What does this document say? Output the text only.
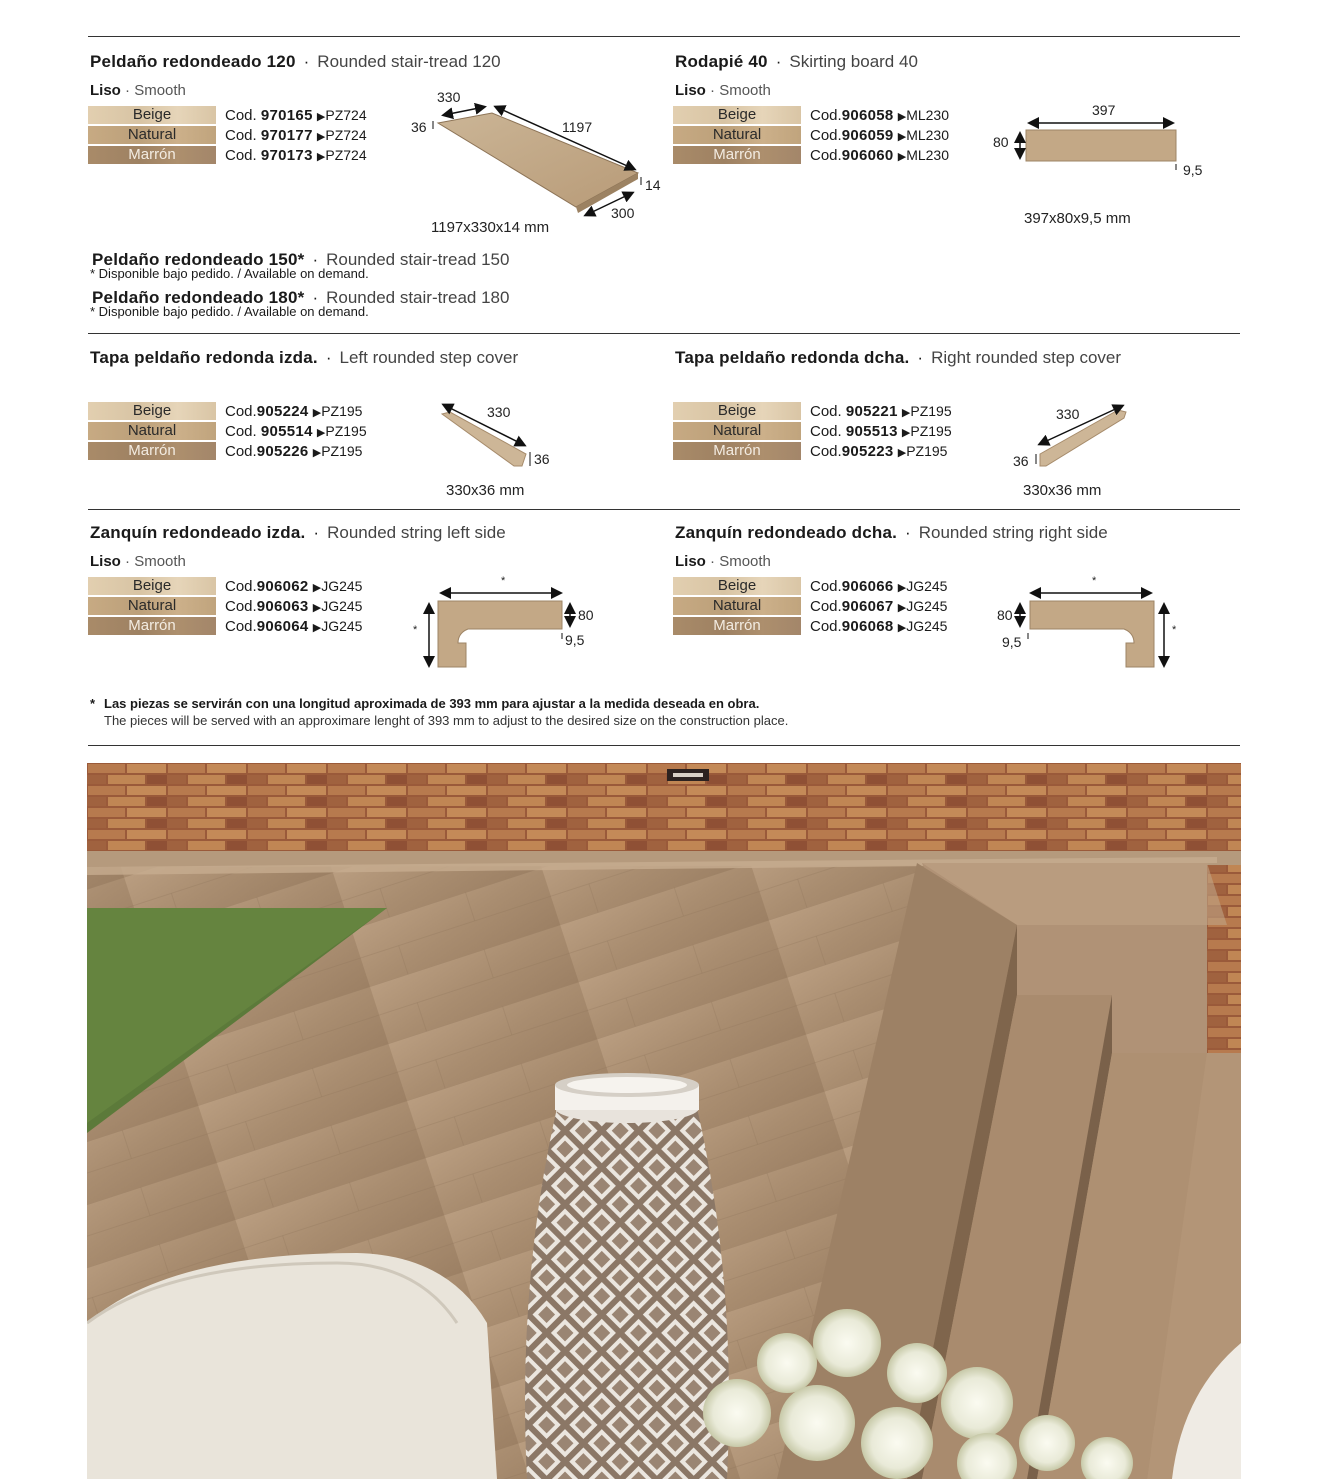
Peldaño redondeado 120 · Rounded stair-tread 120
Liso · Smooth
Beige
Natural
Marrón
Cod. 970165 ▶PZ724
Cod. 970177 ▶PZ724
Cod. 970173 ▶PZ724
330
36	1197
14
300
1197x330x14 mm
Peldaño redondeado 150* · Rounded stair-tread 150
* Disponible bajo pedido. / Available on demand.
Peldaño redondeado 180* · Rounded stair-tread 180
* Disponible bajo pedido. / Available on demand.
Rodapié 40 · Skirting board 40
Liso · Smooth
Beige
Natural
Marrón
Cod.906058 ▶ML230
Cod.906059 ▶ML230
Cod.906060 ▶ML230
397
80
9,5
397x80x9,5 mm
Tapa peldaño redonda izda. · Left rounded step cover
Beige
Natural
Marrón
Cod.905224 ▶PZ195
Cod. 905514 ▶PZ195
Cod.905226 ▶PZ195
330
36
330x36 mm
Tapa peldaño redonda dcha. · Right rounded step cover
Beige
Natural
Marrón
Cod. 905221 ▶PZ195
Cod. 905513 ▶PZ195
Cod.905223 ▶PZ195
330
36
330x36 mm
Zanquín redondeado izda. · Rounded string left side
Liso · Smooth
Beige
Natural
Marrón
Cod.906062 ▶JG245
Cod.906063 ▶JG245
Cod.906064 ▶JG245
*
80
*
9,5
Zanquín redondeado dcha. · Rounded string right side
Liso · Smooth
Beige
Natural
Marrón
Cod.906066 ▶JG245
Cod.906067 ▶JG245
Cod.906068 ▶JG245
*
80
9,5
*
* Las piezas se servirán con una longitud aproximada de 393 mm para ajustar a la medida deseada en obra.
The pieces will be served with an approximare lenght of 393 mm to adjust to the desired size on the construction place.
